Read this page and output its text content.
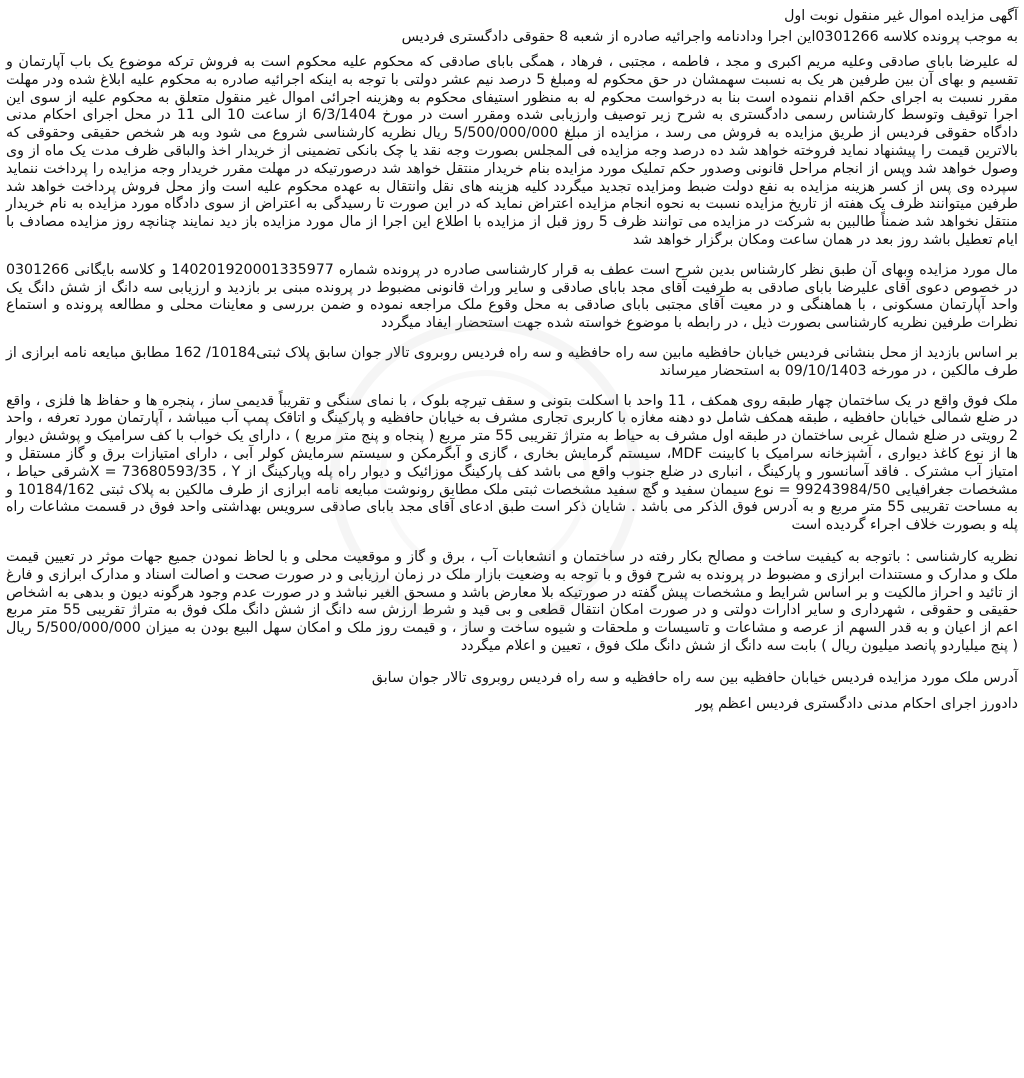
آگهی مزایده اموال غیر منقول نوبت اول

به موجب پرونده کلاسه 0301266این اجرا ودادنامه واجرائیه صادره از شعبه 8 حقوقی دادگستری فردیس

له علیرضا بابای صادقی وعلیه مریم اکبری و مجد ، فاطمه ، مجتبی ، فرهاد ، همگی بابای صادقی که محکوم علیه محکوم است به فروش ترکه موضوع یک باب آپارتمان و تقسیم و بهای آن بین طرفین هر یک به نسبت سهمشان در حق محکوم له ومبلغ 5 درصد نیم عشر دولتی با توجه به اینکه اجرائیه صادره به محکوم علیه ابلاغ شده ودر مهلت مقرر نسبت به اجرای حکم اقدام ننموده است بنا به درخواست محکوم له به منظور استیفای محکوم به وهزینه اجرائی اموال غیر منقول متعلق به محکوم علیه از سوی این اجرا توقیف وتوسط کارشناس رسمی دادگستری به شرح زیر توصیف وارزیابی شده ومقرر است در مورخ 6/3/1404 از ساعت 10 الی 11 در محل اجرای احکام مدنی دادگاه حقوقی فردیس از طریق مزایده به فروش می رسد ، مزایده از مبلغ 5/500/000/000 ریال نظریه کارشناسی شروع می شود وبه هر شخص حقیقی وحقوقی که بالاترین قیمت را پیشنهاد نماید فروخته خواهد شد ده درصد وجه مزایده فی المجلس بصورت وجه نقد یا چک بانکی تضمینی از خریدار اخذ والباقی ظرف مدت یک ماه از وی وصول خواهد شد وپس از انجام مراحل قانونی وصدور حکم تملیک مورد مزایده بنام خریدار منتقل خواهد شد درصورتیکه در مهلت مقرر خریدار وجه مزایده را پرداخت ننماید سپرده وی پس از کسر هزینه مزایده به نفع دولت ضبط ومزایده تجدید میگردد کلیه هزینه های نقل وانتقال به عهده محکوم علیه است واز محل فروش پرداخت خواهد شد طرفین میتوانند ظرف یک هفته از تاریخ مزایده نسبت به نحوه انجام مزایده اعتراض نماید که در این صورت تا رسیدگی به اعتراض از سوی دادگاه مورد مزایده به نام خریدار منتقل نخواهد شد ضمناً طالبین به شرکت در مزایده می توانند ظرف 5 روز قبل از مزایده با اطلاع این اجرا از مال مورد مزایده باز دید نمایند چنانچه روز مزایده مصادف با ایام تعطیل باشد روز بعد در همان ساعت ومکان برگزار خواهد شد

مال مورد مزایده وبهای آن طبق نظر کارشناس بدین شرح است عطف به قرار کارشناسی صادره در پرونده شماره 140201920001335977 و کلاسه بایگانی 0301266 در خصوص دعوی آقای علیرضا بابای صادقی به طرفیت آقای مجد بابای صادقی و سایر وراث قانونی مضبوط در پرونده مبنی بر بازدید و ارزیابی سه دانگ از شش دانگ یک واحد آپارتمان مسکونی ، با هماهنگی و در معیت آقای مجتبی بابای صادقی به محل وقوع ملک مراجعه نموده و ضمن بررسی و معاینات محلی و مطالعه پرونده و استماع نظرات طرفین نظریه کارشناسی بصورت ذیل ، در رابطه با موضوع خواسته شده جهت استحضار ایفاد میگردد

بر اساس بازدید از محل بنشانی فردیس خیابان حافظیه مابین سه راه حافظیه و سه راه فردیس روبروی تالار جوان سابق پلاک ثبتی10184/ 162 مطابق مبایعه نامه ابرازی از طرف مالکین ، در مورخه 09/10/1403 به استحضار میرساند

ملک فوق واقع در یک ساختمان چهار طبقه روی همکف ، 11 واحد با اسکلت بتونی و سقف تیرچه بلوک ، با نمای سنگی و تقریباً قدیمی ساز ، پنجره ها و حفاظ ها فلزی ، واقع در ضلع شمالی خیابان حافظیه ، طبقه همکف شامل دو دهنه مغازه با کاربری تجاری مشرف به خیابان حافظیه و پارکینگ و اتاقک پمپ آب میباشد ، آپارتمان مورد تعرفه ، واحد 2 رویتی در ضلع شمال غربی ساختمان در طبقه اول مشرف به حیاط به متراژ تقریبی 55 متر مربع ( پنجاه و پنج متر مربع ) ، دارای یک خواب با کف سرامیک و پوشش دیوار ها از نوع کاغذ دیواری ، آشپزخانه سرامیک با کابینت MDF، سیستم گرمایش بخاری ، گازی و آبگرمکن و سیستم سرمایش کولر آبی ، دارای امتیازات برق و گاز مستقل و امتیاز آب مشترک . فاقد آسانسور و پارکینگ ، انباری در ضلع جنوب واقع می باشد کف پارکینگ موزائیک و دیوار راه پله وپارکینگ از X = 73680593/35 ، Yشرقی حیاط ، مشخصات جغرافیایی 99243984/50 = نوع سیمان سفید و گچ سفید مشخصات ثبتی ملک مطابق رونوشت مبایعه نامه ابرازی از طرف مالکین به پلاک ثبتی 10184/162 و به مساحت تقریبی 55 متر مربع و به آدرس فوق الذکر می باشد . شایان ذکر است طبق ادعای آقای مجد بابای صادقی سرویس بهداشتی واحد فوق در قسمت مشاعات راه پله و بصورت خلاف اجراء گردیده است

نظریه کارشناسی : باتوجه به کیفیت ساخت و مصالح بکار رفته در ساختمان و انشعابات آب ، برق و گاز و موقعیت محلی و با لحاظ نمودن جمیع جهات موثر در تعیین قیمت ملک و مدارک و مستندات ابرازی و مضبوط در پرونده به شرح فوق و با توجه به وضعیت بازار ملک در زمان ارزیابی و در صورت صحت و اصالت اسناد و مدارک ابرازی و فارغ از تائید و احراز مالکیت و بر اساس شرایط و مشخصات پیش گفته در صورتیکه بلا معارض باشد و مسحق الغیر نباشد و در صورت عدم وجود هرگونه دیون و بدهی به اشخاص حقیقی و حقوقی ، شهرداری و سایر ادارات دولتی و در صورت امکان انتقال قطعی و بی قید و شرط ارزش سه دانگ از شش دانگ ملک فوق به متراژ تقریبی 55 متر مربع اعم از اعیان و به قدر السهم از عرصه و مشاعات و تاسیسات و ملحقات و شیوه ساخت و ساز ، و قیمت روز ملک و امکان سهل البیع بودن به میزان 5/500/000/000 ریال ( پنج میلیاردو پانصد میلیون ریال ) بابت سه دانگ از شش دانگ ملک فوق ، تعیین و اعلام میگردد

آدرس ملک مورد مزایده فردیس خیابان حافظیه بین سه راه حافظیه و سه راه فردیس روبروی تالار جوان سابق

دادورز اجرای احکام مدنی دادگستری فردیس اعظم پور
